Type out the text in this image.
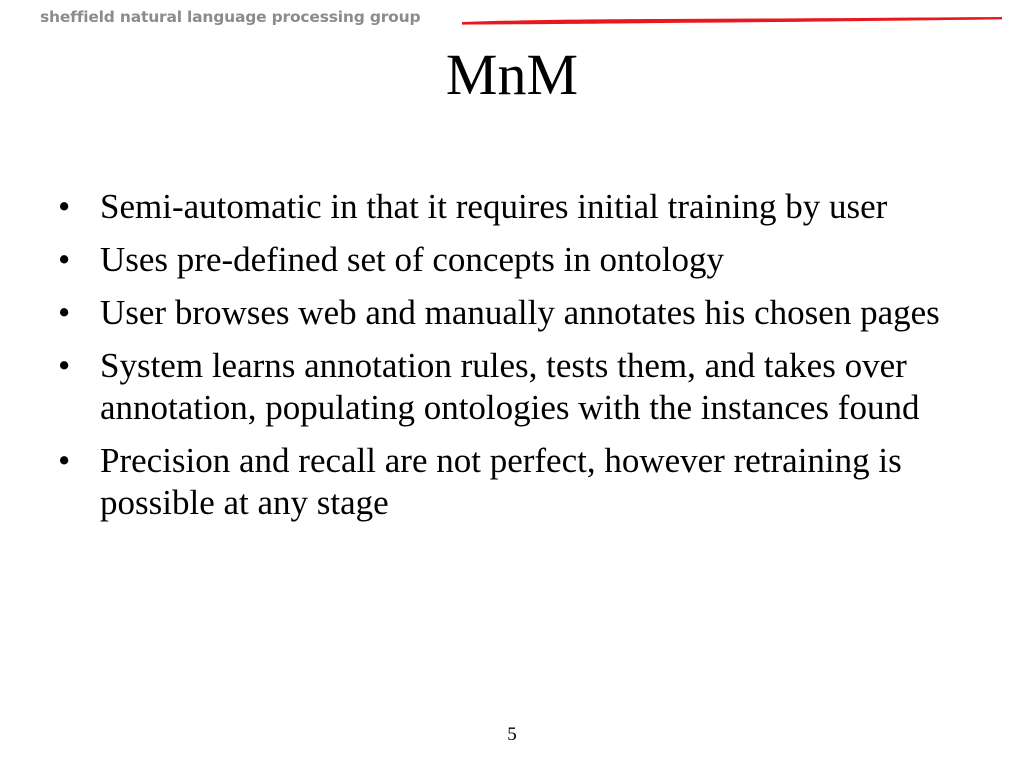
sheffield natural language processing group
MnM
• Semi-automatic in that it requires initial training by user
• Uses pre-defined set of concepts in ontology
• User browses web and manually annotates his chosen pages
• System learns annotation rules, tests them, and takes over annotation, populating ontologies with the instances found
• Precision and recall are not perfect, however retraining is possible at any stage
5
